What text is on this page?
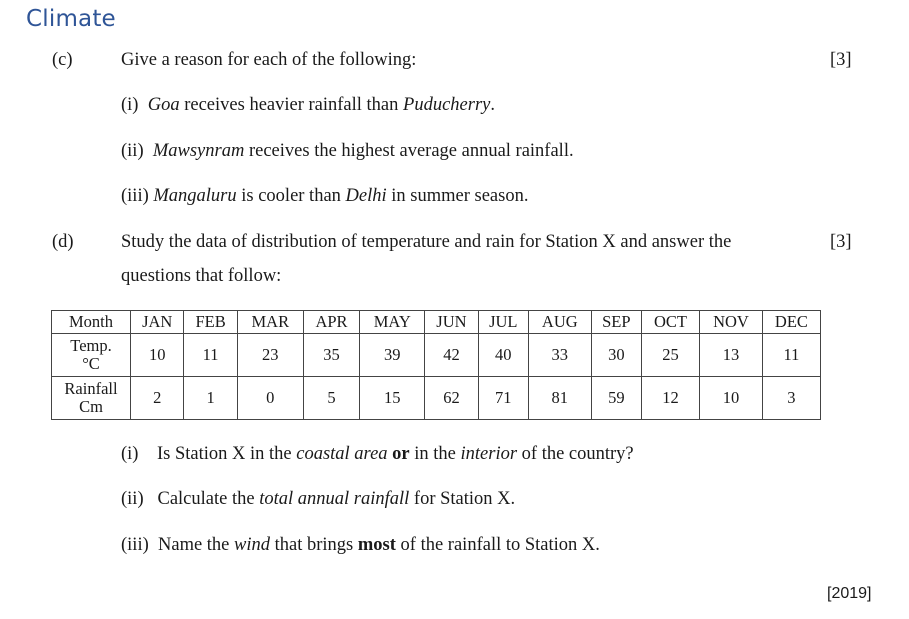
Climate
(c)	Give a reason for each of the following:	[3]
(i) Goa receives heavier rainfall than Puducherry.
(ii) Mawsynram receives the highest average annual rainfall.
(iii) Mangaluru is cooler than Delhi in summer season.
(d)	Study the data of distribution of temperature and rain for Station X and answer the	[3]
questions that follow:
Month	JAN	FEB	MAR	APR	MAY	JUN	JUL	AUG	SEP	OCT	NOV	DEC

Temp.
°C	10	11	23	35	39	42	40	33	30	25	13	11

Rainfall
Cm	2	1	0	5	15	62	71	81	59	12	10	3
(i) Is Station X in the coastal area or in the interior of the country?
(ii) Calculate the total annual rainfall for Station X.
(iii) Name the wind that brings most of the rainfall to Station X.
[2019]
